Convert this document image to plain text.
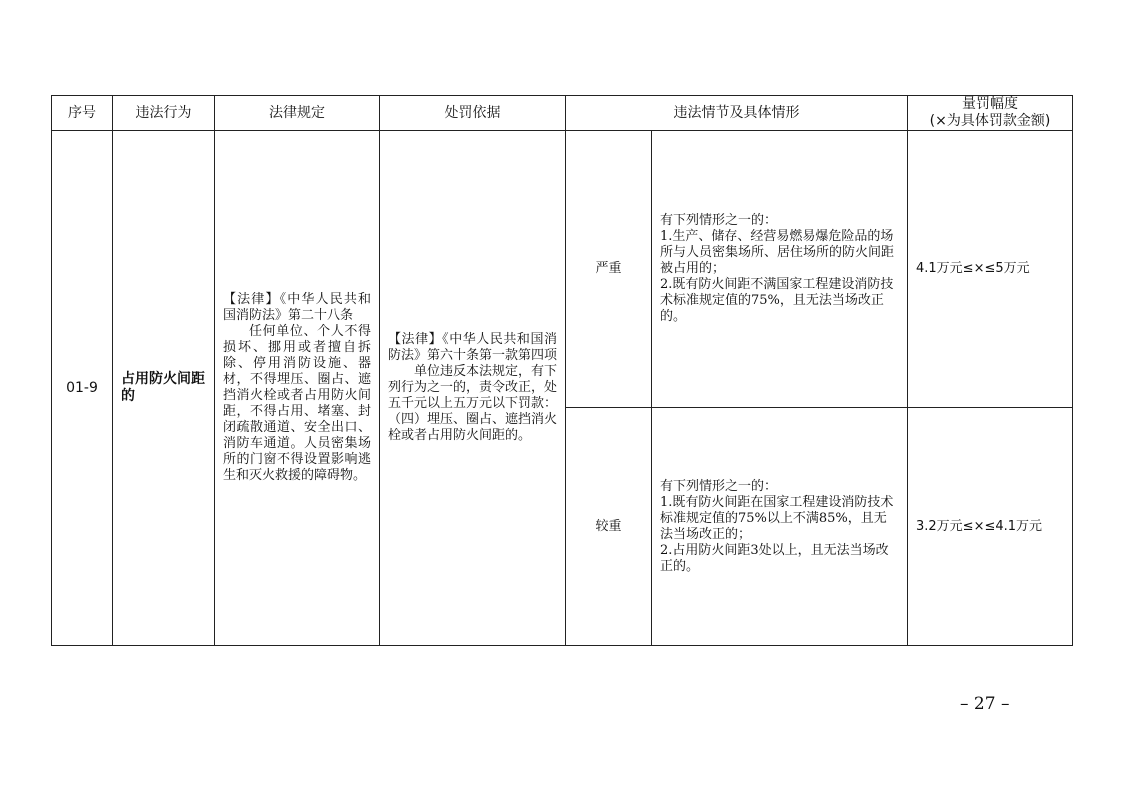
序号	违法行为	法律规定	处罚依据	违法情节及具体情形		量罚幅度
(×为具体罚款金额)

01-9	占用防火间距的	【法律】《中华人民共和国消防法》第二十八条
任何单位、个人不得损坏、挪用或者擅自拆除、停用消防设施、器材，不得埋压、圈占、遮挡消火栓或者占用防火间距，不得占用、堵塞、封闭疏散通道、安全出口、消防车通道。人员密集场所的门窗不得设置影响逃生和灭火救援的障碍物。	【法律】《中华人民共和国消防法》第六十条第一款第四项
单位违反本法规定，有下列行为之一的，责令改正，处五千元以上五万元以下罚款：（四）埋压、圈占、遮挡消火栓或者占用防火间距的。	严重	有下列情形之一的：
1.生产、储存、经营易燃易爆危险品的场所与人员密集场所、居住场所的防火间距被占用的；
2.既有防火间距不满国家工程建设消防技术标准规定值的75%，且无法当场改正的。	4.1万元≤×≤5万元
				较重	有下列情形之一的：
1.既有防火间距在国家工程建设消防技术标准规定值的75%以上不满85%，且无法当场改正的；
2.占用防火间距3处以上，且无法当场改正的。	3.2万元≤×≤4.1万元
– 27 –
